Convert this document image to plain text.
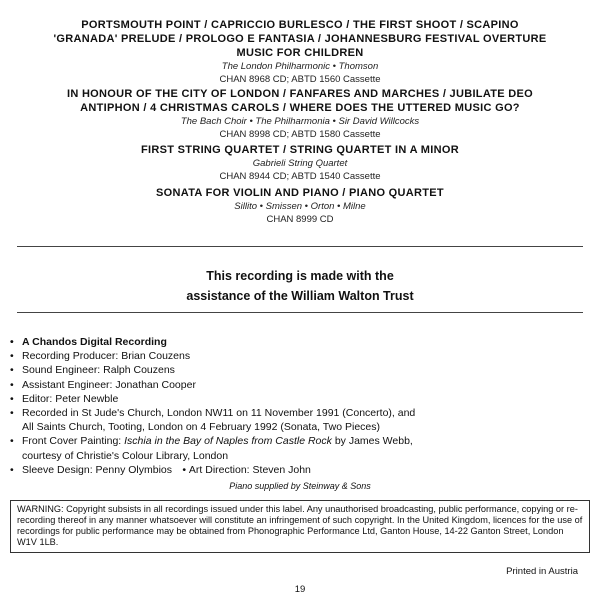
PORTSMOUTH POINT / CAPRICCIO BURLESCO / THE FIRST SHOOT / SCAPINO
'GRANADA' PRELUDE / PROLOGO E FANTASIA / JOHANNESBURG FESTIVAL OVERTURE
MUSIC FOR CHILDREN
The London Philharmonic • Thomson
CHAN 8968 CD; ABTD 1560 Cassette
IN HONOUR OF THE CITY OF LONDON / FANFARES AND MARCHES / JUBILATE DEO
ANTIPHON / 4 CHRISTMAS CAROLS / WHERE DOES THE UTTERED MUSIC GO?
The Bach Choir • The Philharmonia • Sir David Willcocks
CHAN 8998 CD; ABTD 1580 Cassette
FIRST STRING QUARTET / STRING QUARTET IN A MINOR
Gabrieli String Quartet
CHAN 8944 CD; ABTD 1540 Cassette
SONATA FOR VIOLIN AND PIANO / PIANO QUARTET
Sillito • Smissen • Orton • Milne
CHAN 8999 CD
This recording is made with the
assistance of the William Walton Trust
• A Chandos Digital Recording
• Recording Producer: Brian Couzens
• Sound Engineer: Ralph Couzens
• Assistant Engineer: Jonathan Cooper
• Editor: Peter Newble
• Recorded in St Jude's Church, London NW11 on 11 November 1991 (Concerto), and
All Saints Church, Tooting, London on 4 February 1992 (Sonata, Two Pieces)
• Front Cover Painting: Ischia in the Bay of Naples from Castle Rock by James Webb,
courtesy of Christie's Colour Library, London
• Sleeve Design: Penny Olymbios • Art Direction: Steven John
Piano supplied by Steinway & Sons
WARNING: Copyright subsists in all recordings issued under this label. Any unauthorised broadcasting, public performance, copying or re-recording thereof in any manner whatsoever will constitute an infringement of such copyright. In the United Kingdom, licences for the use of recordings for public performance may be obtained from Phonographic Performance Ltd, Ganton House, 14-22 Ganton Street, London W1V 1LB.
Printed in Austria
19
